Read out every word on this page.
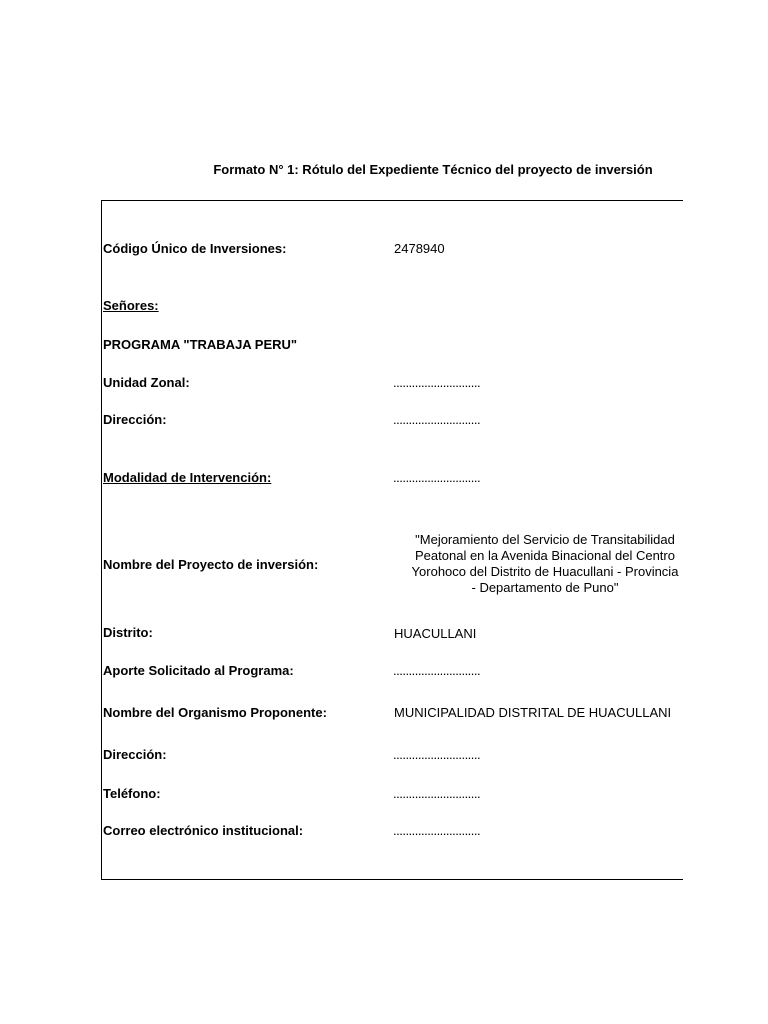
Formato N° 1: Rótulo del Expediente Técnico del proyecto de inversión
Código Único de Inversiones:	2478940
Señores:
PROGRAMA "TRABAJA PERU"
Unidad Zonal:	............................
Dirección:	............................
Modalidad de Intervención:	............................
Nombre del Proyecto de inversión:
"Mejoramiento del Servicio de Transitabilidad
Peatonal en la Avenida Binacional del Centro
Yorohoco del Distrito de Huacullani - Provincia
- Departamento de Puno"
Distrito:	HUACULLANI
Aporte Solicitado al Programa:	............................
Nombre del Organismo Proponente:	MUNICIPALIDAD DISTRITAL DE HUACULLANI
Dirección:	............................
Teléfono:	............................
Correo electrónico institucional:	............................
